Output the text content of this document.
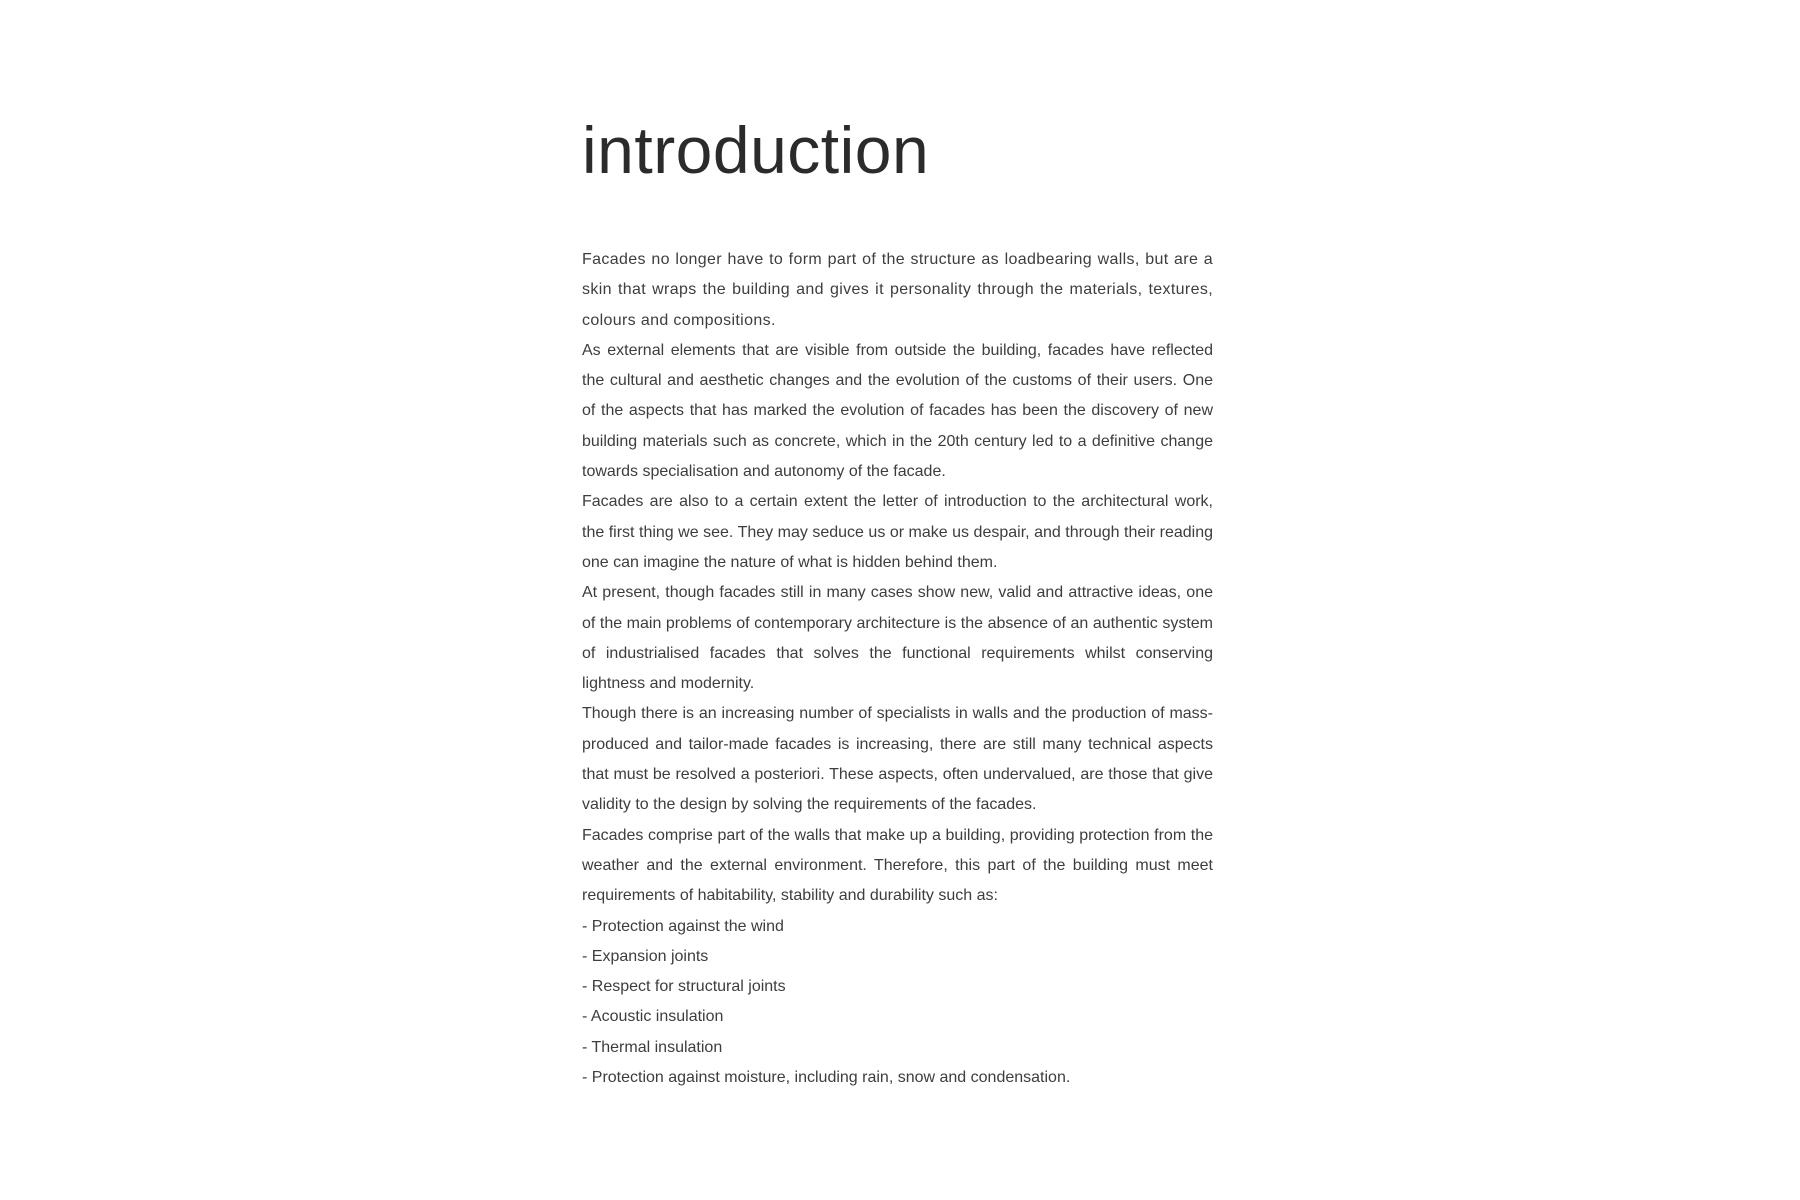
introduction

Facades no longer have to form part of the structure as loadbearing walls, but are a skin that wraps the building and gives it personality through the materials, textures, colours and compositions.

As external elements that are visible from outside the building, facades have reflected the cultural and aesthetic changes and the evolution of the customs of their users. One of the aspects that has marked the evolution of facades has been the discovery of new building materials such as concrete, which in the 20th century led to a definitive change towards specialisation and autonomy of the facade.

Facades are also to a certain extent the letter of introduction to the architectural work, the first thing we see. They may seduce us or make us despair, and through their reading one can imagine the nature of what is hidden behind them.

At present, though facades still in many cases show new, valid and attractive ideas, one of the main problems of contemporary architecture is the absence of an authentic system of industrialised facades that solves the functional requirements whilst conserving lightness and modernity.

Though there is an increasing number of specialists in walls and the production of mass-produced and tailor-made facades is increasing, there are still many technical aspects that must be resolved a posteriori. These aspects, often undervalued, are those that give validity to the design by solving the requirements of the facades.

Facades comprise part of the walls that make up a building, providing protection from the weather and the external environment. Therefore, this part of the building must meet requirements of habitability, stability and durability such as:

- Protection against the wind
- Expansion joints
- Respect for structural joints
- Acoustic insulation
- Thermal insulation
- Protection against moisture, including rain, snow and condensation.
